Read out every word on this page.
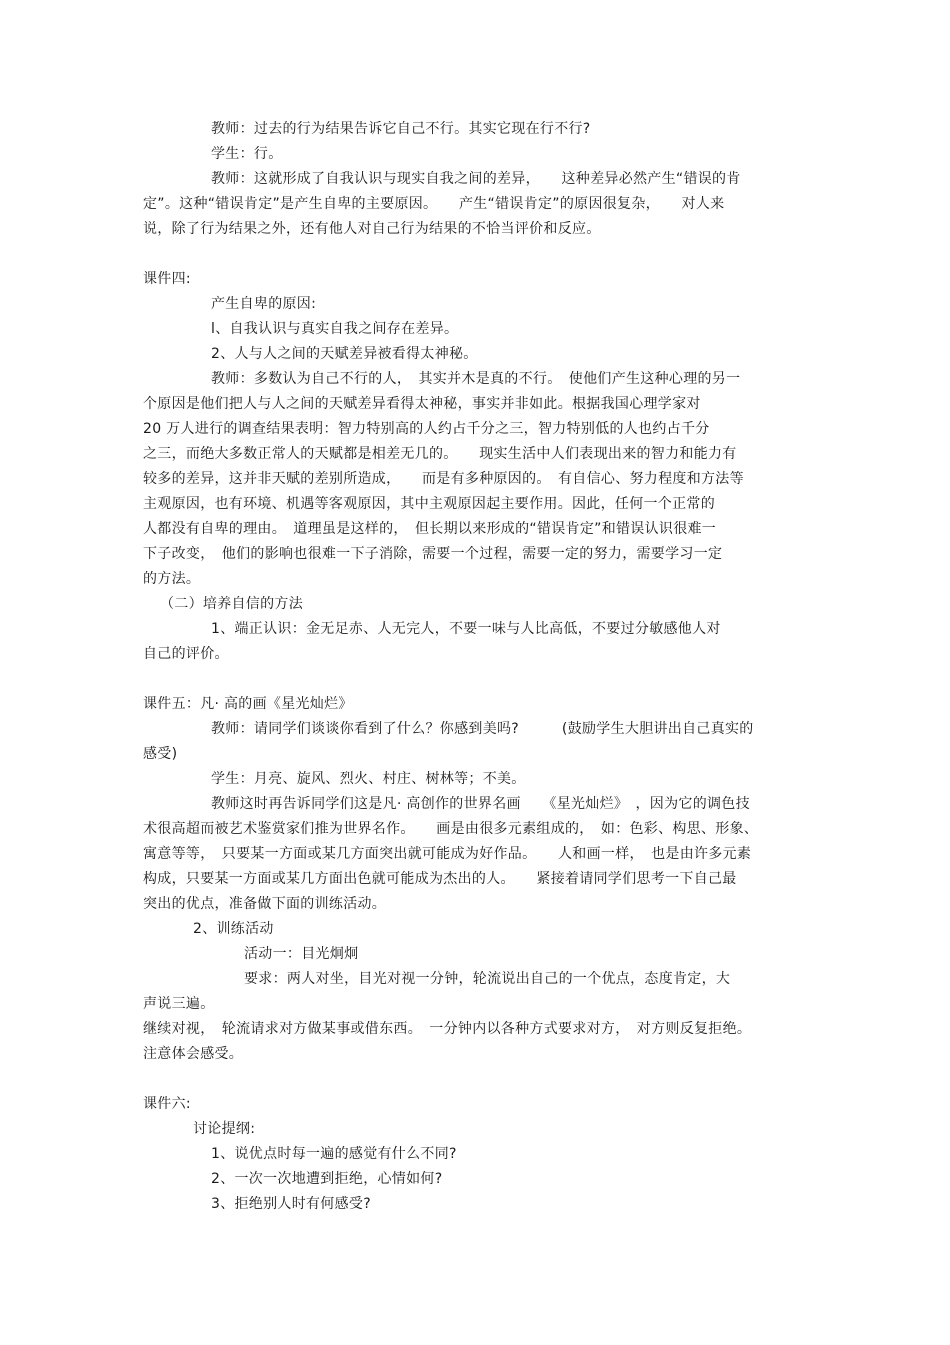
教师：过去的行为结果告诉它自己不行。其实它现在行不行?
学生：行。
教师：这就形成了自我认识与现实自我之间的差异，　　这种差异必然产生“错误的肯
定”。这种“错误肯定”是产生自卑的主要原因。　　产生“错误肯定”的原因很复杂，　　对人来
说，除了行为结果之外，还有他人对自己行为结果的不恰当评价和反应。
课件四:
产生自卑的原因:
l、自我认识与真实自我之间存在差异。
2、人与人之间的天赋差异被看得太神秘。
教师：多数认为自己不行的人，　其实并木是真的不行。　使他们产生这种心理的另一
个原因是他们把人与人之间的天赋差异看得太神秘，事实并非如此。根据我国心理学家对
20 万人进行的调查结果表明：智力特别高的人约占千分之三，智力特别低的人也约占千分
之三，而绝大多数正常人的天赋都是相差无几的。　　现实生活中人们表现出来的智力和能力有
较多的差异，这并非天赋的差别所造成，　　而是有多种原因的。　有自信心、努力程度和方法等
主观原因，也有环境、机遇等客观原因，其中主观原因起主要作用。因此，任何一个正常的
人都没有自卑的理由。　道理虽是这样的，　但长期以来形成的“错误肯定”和错误认识很难一
下子改变，　他们的影响也很难一下子消除，需要一个过程，需要一定的努力，需要学习一定
的方法。
（二）培养自信的方法
1、端正认识：金无足赤、人无完人，不要一味与人比高低，不要过分敏感他人对
自己的评价。
课件五：凡· 高的画《星光灿烂》
教师：请同学们谈谈你看到了什么？你感到美吗?　　　(鼓励学生大胆讲出自己真实的
感受)
学生：月亮、旋风、烈火、村庄、树林等；不美。
教师这时再告诉同学们这是凡· 高创作的世界名画　　《星光灿烂》　，因为它的调色技
术很高超而被艺术鉴赏家们推为世界名作。　　画是由很多元素组成的，　如：色彩、构思、形象、
寓意等等，　只要某一方面或某几方面突出就可能成为好作品。　　人和画一样，　也是由许多元素
构成，只要某一方面或某几方面出色就可能成为杰出的人。　　紧接着请同学们思考一下自己最
突出的优点，准备做下面的训练活动。
2、训练活动
活动一：目光炯炯
要求：两人对坐，目光对视一分钟，轮流说出自己的一个优点，态度肯定，大
声说三遍。
继续对视，　轮流请求对方做某事或借东西。　一分钟内以各种方式要求对方，　对方则反复拒绝。
注意体会感受。
课件六:
讨论提纲:
1、说优点时每一遍的感觉有什么不同?
2、一次一次地遭到拒绝，心情如何?
3、拒绝别人时有何感受?
